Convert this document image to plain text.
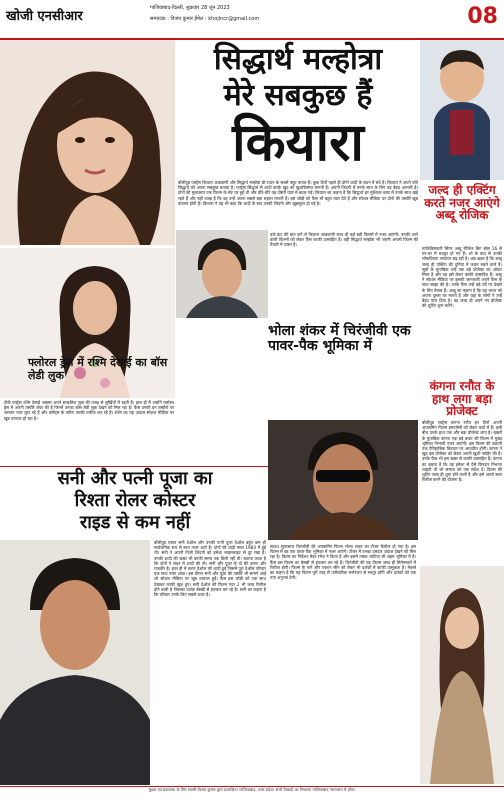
खोजी एनसीआर
गाजियाबाद-दिल्ली, शुक्रवार 28 जून 2023
सम्पादक : विजय कुमार ईमेल : khojincr@gmail.com	08
सिद्धार्थ मल्होत्रा
मेरे सबकुछ हैं
कियारा
बॉलीवुड एक्ट्रेस कियारा आडवाणी और सिद्धार्थ मल्होत्रा बी-टाउन के सबसे क्यूट कपल हैं। कुछ दिनों पहले ही दोनों शादी के बंधन में बंधे हैं। कियारा ने अपने पति सिद्धार्थ को अपना सबकुछ बताया है। एक्ट्रेस सिद्धार्थ से शादी करके खुद को खुशकिस्मत मानती हैं। अपनी जिंदगी में उनके साथ के लिए वह बेहद आभारी हैं। दोनों की मुलाकात एक फिल्म के सेट पर हुई थी और धीरे-धीरे यह दोस्ती प्यार में बदल गई। कियारा का कहना है कि सिद्धार्थ हर मुश्किल वक्त में उनके साथ खड़े रहते हैं और यही वजह है कि वह उन्हें अपना सबसे बड़ा सहारा मानती हैं। इस जोड़ी को फैंस भी बहुत प्यार देते हैं और सोशल मीडिया पर दोनों की तस्वीरें खूब वायरल होती हैं। कियारा ने यह भी कहा कि शादी के बाद उनकी जिंदगी और खूबसूरत हो गई है।
वर्क फ्रंट की बात करें तो कियारा आडवाणी जल्द ही कई बड़ी फिल्मों में नजर आएंगी। उनकी आने वाली फिल्मों को लेकर फैंस काफी उत्साहित हैं। वहीं सिद्धार्थ मल्होत्रा भी अपनी अगली फिल्म की तैयारी में व्यस्त हैं।
जल्द ही एक्टिंग करते नजर आएंगे अब्दू रोजिक
ताजिकिस्तानी सिंगर अब्दू रोजिक बिग बॉस 16 से घर-घर में मशहूर हो गए हैं। शो के बाद से उनकी लोकप्रियता लगातार बढ़ रही है। अब खबर है कि अब्दू जल्द ही एक्टिंग की दुनिया में कदम रखने वाले हैं। सूत्रों के मुताबिक उन्हें एक बड़े प्रोजेक्ट का ऑफर मिला है और वह इसे लेकर काफी उत्साहित हैं। अब्दू ने सोशल मीडिया पर इसकी जानकारी अपने फैंस के साथ साझा की है। उनके फैंस उन्हें बड़े पर्दे पर देखने के लिए बेताब हैं। अब्दू का कहना है कि वह भारत को अपना दूसरा घर मानते हैं और यहां के लोगों ने उन्हें बेहद प्यार दिया है। वह जल्द ही अपने नए प्रोजेक्ट की शूटिंग शुरू करेंगे।
फ्लोरल ड्रेस में रश्मि देसाई का बॉस लेडी लुक
टीवी एक्ट्रेस रश्मि देसाई अक्सर अपने स्टाइलिश लुक की वजह से सुर्खियों में रहती हैं। हाल ही में उन्होंने फ्लोरल ड्रेस में अपनी तस्वीरें शेयर की हैं जिनमें उनका बॉस लेडी लुक देखने को मिल रहा है। फैंस उनकी इन तस्वीरों पर जमकर प्यार लुटा रहे हैं और कमेंट्स के जरिए उनकी तारीफ कर रहे हैं। रश्मि का यह अंदाज सोशल मीडिया पर खूब वायरल हो रहा है।
भोला शंकर में चिरंजीवी एक पावर-पैक भूमिका में
कंगना रनौत के हाथ लगा बड़ा प्रोजेक्ट
बॉलीवुड एक्ट्रेस कंगना रनौत इन दिनों अपनी अपकमिंग फिल्म इमरजेंसी को लेकर चर्चा में हैं। इसी बीच उनके हाथ एक और बड़ा प्रोजेक्ट लगा है। खबरों के मुताबिक कंगना एक बड़े बजट की फिल्म में मुख्य भूमिका निभाती नजर आएंगी। इस फिल्म की कहानी एक ऐतिहासिक किरदार पर आधारित होगी। कंगना ने खुद इस प्रोजेक्ट को लेकर अपनी खुशी जाहिर की है। उनके फैंस भी इस खबर से काफी उत्साहित हैं। कंगना का कहना है कि वह हमेशा से ऐसे किरदार निभाना चाहती थीं जो समाज को एक संदेश दें। फिल्म की शूटिंग जल्द ही शुरू होने वाली है और इसे अगले साल रिलीज करने की योजना है।
सनी और पत्नी पूजा का
रिश्ता रोलर कोस्टर
राइड से कम नहीं
बॉलीवुड एक्टर सनी देओल और उनकी पत्नी पूजा देओल बहुत कम ही सार्वजनिक रूप से साथ नजर आते हैं। दोनों की शादी साल 1984 में हुई थी। सनी ने अपनी निजी जिंदगी को हमेशा लाइमलाइट से दूर रखा है। उनकी शादी की खबर भी काफी समय तक छिपी रही थी। बताया जाता है कि दोनों ने लंदन में शादी की थी। सनी और पूजा के दो बेटे करण और राजवीर हैं। हाल ही में करण देओल की शादी हुई जिसमें पूरा देओल परिवार एक साथ नजर आया। इस दौरान सनी और पूजा की तस्वीरें भी सामने आईं जो सोशल मीडिया पर खूब वायरल हुईं। फैंस इस जोड़ी को एक साथ देखकर काफी खुश हुए। सनी देओल की फिल्म गदर 2 भी जल्द रिलीज होने वाली है जिसका दर्शक बेसब्री से इंतजार कर रहे हैं। सनी का कहना है कि परिवार उनके लिए सबसे ऊपर है।
साउथ सुपरस्टार चिरंजीवी की अपकमिंग फिल्म भोला शंकर का टीजर रिलीज हो गया है। इस फिल्म में वह एक पावर-पैक भूमिका में नजर आएंगे। टीजर में उनका दमदार अंदाज देखने को मिल रहा है। फिल्म का निर्देशन मेहर रमेश ने किया है और इसमें तमन्ना भाटिया भी अहम भूमिका में हैं। फैंस इस फिल्म का बेसब्री से इंतजार कर रहे हैं। चिरंजीवी की यह फिल्म जल्द ही सिनेमाघरों में रिलीज होगी। फिल्म के गाने और एक्शन सीन को लेकर भी दर्शकों में काफी उत्सुकता है। मेकर्स का कहना है कि यह फिल्म पूरी तरह से पारिवारिक मनोरंजन से भरपूर होगी और दर्शकों को एक नया अनुभव देगी।
मुद्रक एवं प्रकाशक के लिए स्वामी विजय कुमार द्वारा प्रकाशित। गाजियाबाद, उत्तर प्रदेश। सभी विवादों का निपटारा गाजियाबाद न्यायालय में होगा।
